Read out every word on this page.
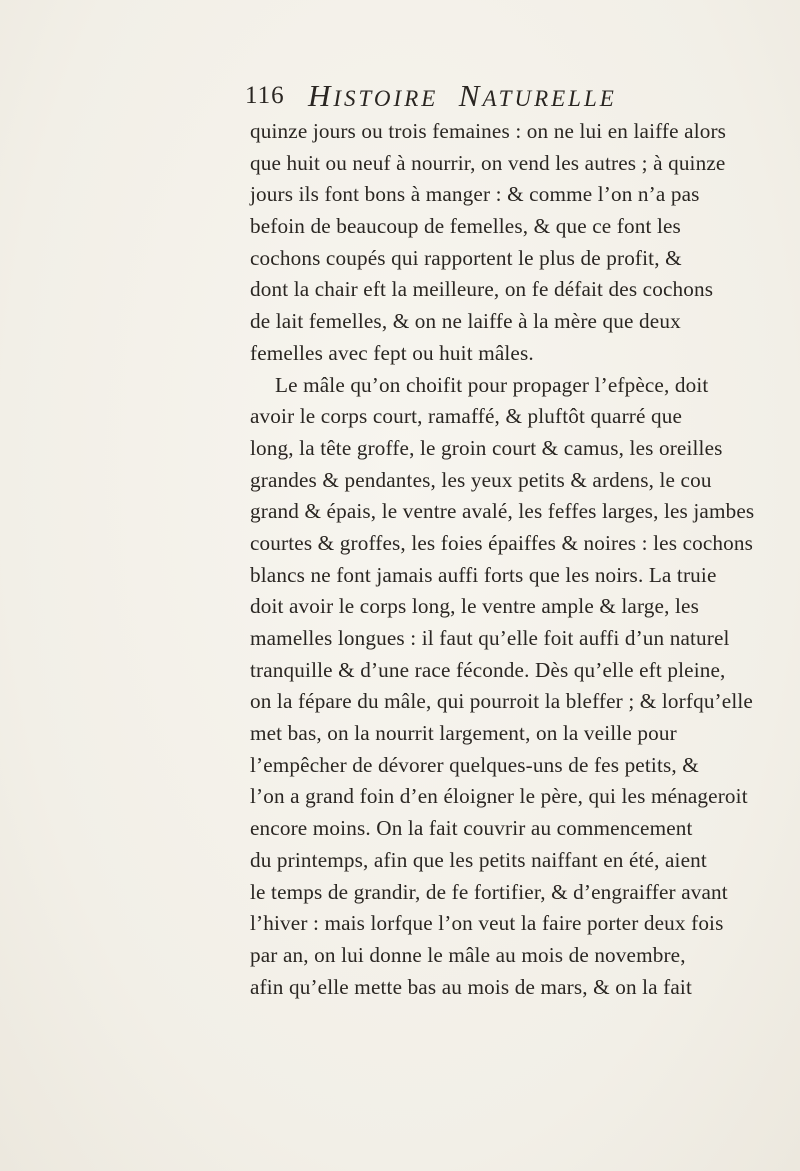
116 HISTOIRE NATURELLE
quinze jours ou trois femaines : on ne lui en laiffe alors
que huit ou neuf à nourrir, on vend les autres ; à quinze
jours ils font bons à manger : & comme l’on n’a pas
befoin de beaucoup de femelles, & que ce font les
cochons coupés qui rapportent le plus de profit, &
dont la chair eft la meilleure, on fe défait des cochons
de lait femelles, & on ne laiffe à la mère que deux
femelles avec fept ou huit mâles.
Le mâle qu’on choifit pour propager l’efpèce, doit
avoir le corps court, ramaffé, & pluftôt quarré que
long, la tête groffe, le groin court & camus, les oreilles
grandes & pendantes, les yeux petits & ardens, le cou
grand & épais, le ventre avalé, les feffes larges, les jambes
courtes & groffes, les foies épaiffes & noires : les cochons
blancs ne font jamais auffi forts que les noirs. La truie
doit avoir le corps long, le ventre ample & large, les
mamelles longues : il faut qu’elle foit auffi d’un naturel
tranquille & d’une race féconde. Dès qu’elle eft pleine,
on la fépare du mâle, qui pourroit la bleffer ; & lorfqu’elle
met bas, on la nourrit largement, on la veille pour
l’empêcher de dévorer quelques-uns de fes petits, &
l’on a grand foin d’en éloigner le père, qui les ménageroit
encore moins. On la fait couvrir au commencement
du printemps, afin que les petits naiffant en été, aient
le temps de grandir, de fe fortifier, & d’engraiffer avant
l’hiver : mais lorfque l’on veut la faire porter deux fois
par an, on lui donne le mâle au mois de novembre,
afin qu’elle mette bas au mois de mars, & on la fait
